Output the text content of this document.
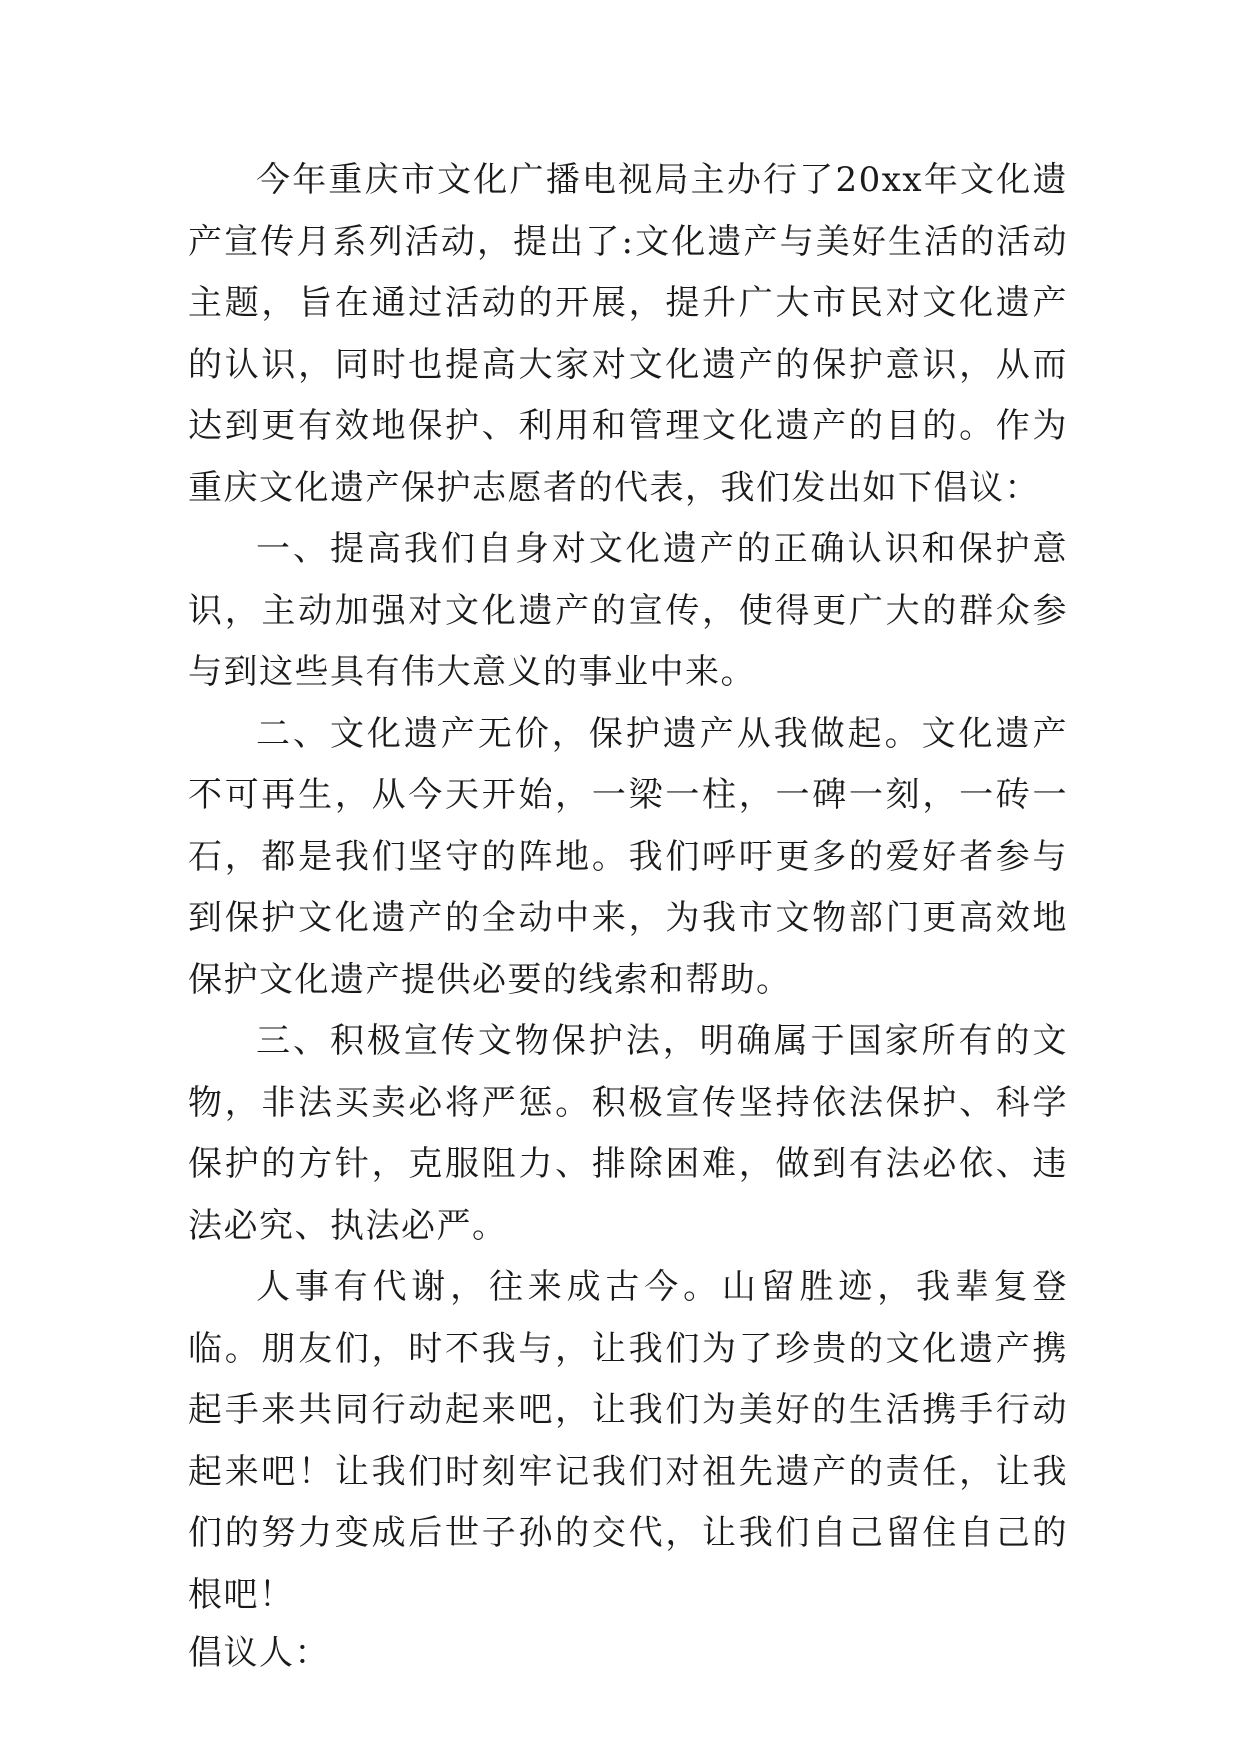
今年重庆市文化广播电视局主办行了20xx年文化遗产宣传月系列活动，提出了:文化遗产与美好生活的活动主题，旨在通过活动的开展，提升广大市民对文化遗产的认识，同时也提高大家对文化遗产的保护意识，从而达到更有效地保护、利用和管理文化遗产的目的。作为重庆文化遗产保护志愿者的代表，我们发出如下倡议：

一、提高我们自身对文化遗产的正确认识和保护意识，主动加强对文化遗产的宣传，使得更广大的群众参与到这些具有伟大意义的事业中来。

二、文化遗产无价，保护遗产从我做起。文化遗产不可再生，从今天开始，一梁一柱，一碑一刻，一砖一石，都是我们坚守的阵地。我们呼吁更多的爱好者参与到保护文化遗产的全动中来，为我市文物部门更高效地保护文化遗产提供必要的线索和帮助。

三、积极宣传文物保护法，明确属于国家所有的文物，非法买卖必将严惩。积极宣传坚持依法保护、科学保护的方针，克服阻力、排除困难，做到有法必依、违法必究、执法必严。

人事有代谢，往来成古今。山留胜迹，我辈复登临。朋友们，时不我与，让我们为了珍贵的文化遗产携起手来共同行动起来吧，让我们为美好的生活携手行动起来吧！让我们时刻牢记我们对祖先遗产的责任，让我们的努力变成后世子孙的交代，让我们自己留住自己的根吧！

倡议人：
